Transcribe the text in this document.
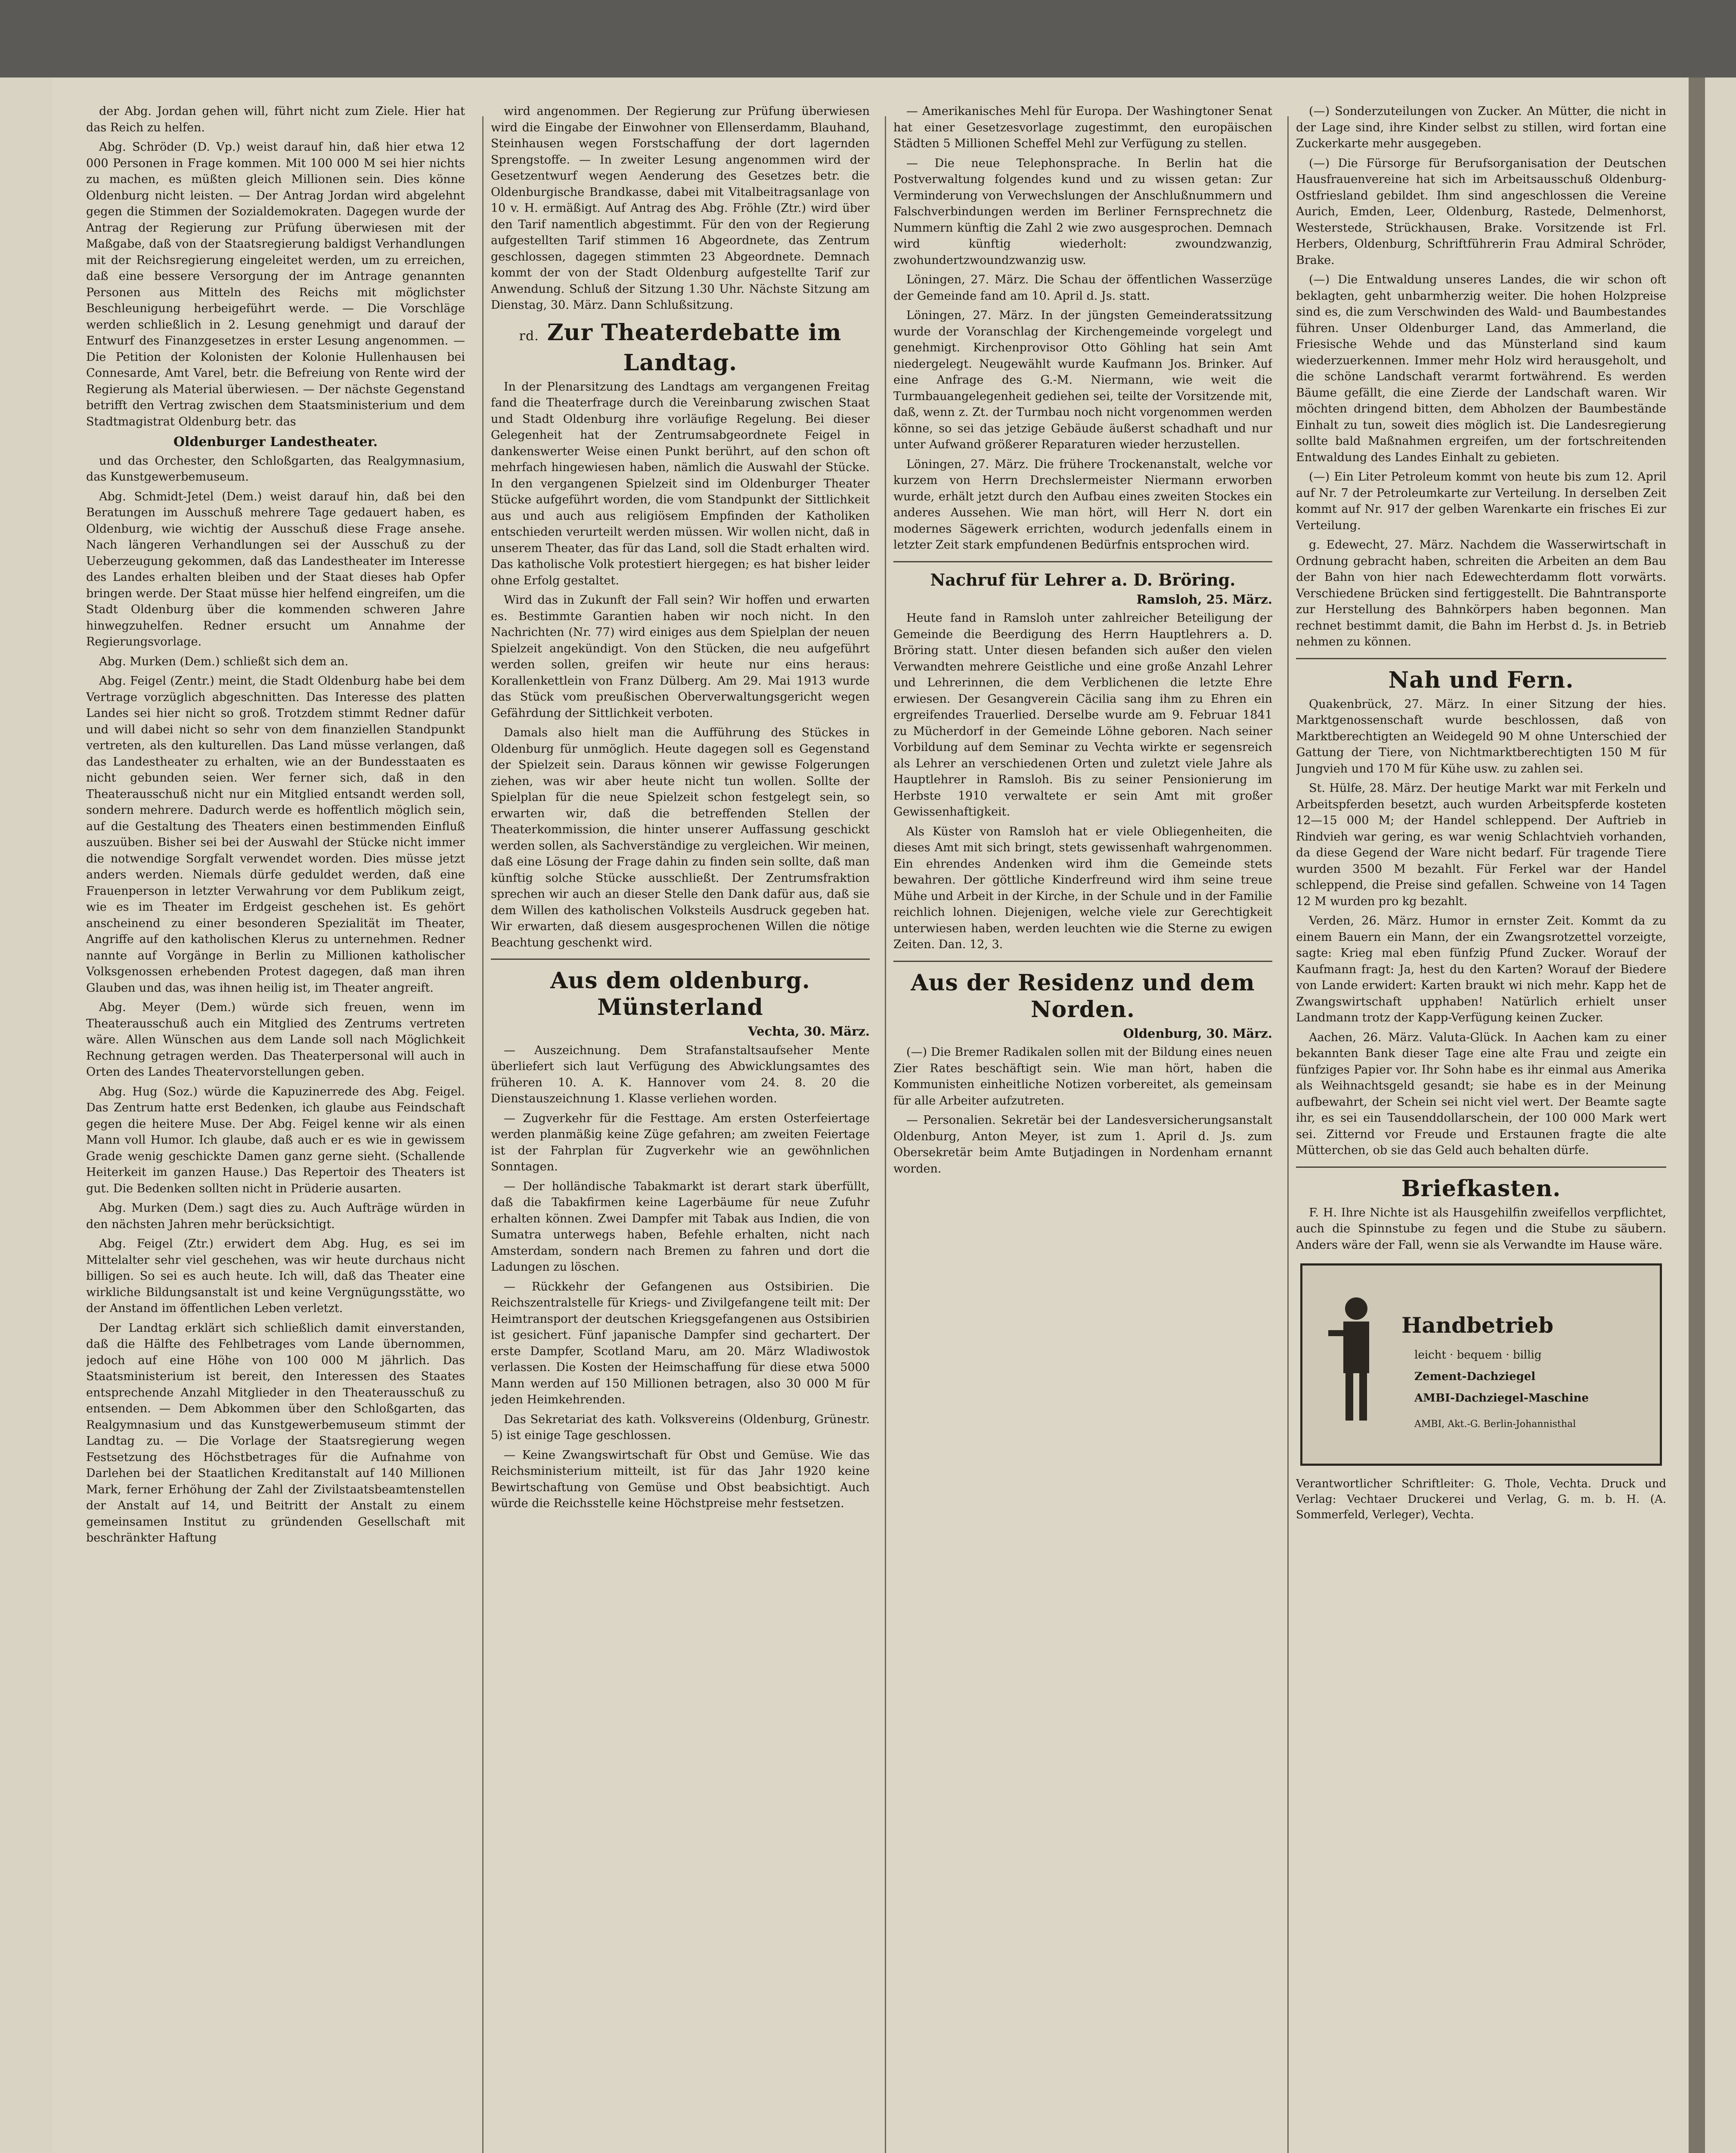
der Abg. Jordan gehen will, führt nicht zum Ziele. Hier hat das Reich zu helfen.

Abg. Schröder (D. Vp.) weist darauf hin, daß hier etwa 12 000 Personen in Frage kommen. Mit 100 000 M sei hier nichts zu machen, es müßten gleich Millionen sein. Dies könne Oldenburg nicht leisten. — Der Antrag Jordan wird abgelehnt gegen die Stimmen der Sozialdemokraten. Dagegen wurde der Antrag der Regierung zur Prüfung überwiesen mit der Maßgabe, daß von der Staatsregierung baldigst Verhandlungen mit der Reichsregierung eingeleitet werden, um zu erreichen, daß eine bessere Versorgung der im Antrage genannten Personen aus Mitteln des Reichs mit möglichster Beschleunigung herbeigeführt werde. — Die Vorschläge werden schließlich in 2. Lesung genehmigt und darauf der Entwurf des Finanzgesetzes in erster Lesung angenommen. — Die Petition der Kolonisten der Kolonie Hullenhausen bei Connesarde, Amt Varel, betr. die Befreiung von Rente wird der Regierung als Material überwiesen. — Der nächste Gegenstand betrifft den Vertrag zwischen dem Staatsministerium und dem Stadtmagistrat Oldenburg betr. das

Oldenburger Landestheater.

und das Orchester, den Schloßgarten, das Realgymnasium, das Kunstgewerbemuseum.

Abg. Schmidt-Jetel (Dem.) weist darauf hin, daß bei den Beratungen im Ausschuß mehrere Tage gedauert haben, es Oldenburg, wie wichtig der Ausschuß diese Frage ansehe. Nach längeren Verhandlungen sei der Ausschuß zu der Ueberzeugung gekommen, daß das Landestheater im Interesse des Landes erhalten bleiben und der Staat dieses hab Opfer bringen werde. Der Staat müsse hier helfend eingreifen, um die Stadt Oldenburg über die kommenden schweren Jahre hinwegzuhelfen. Redner ersucht um Annahme der Regierungsvorlage.

Abg. Murken (Dem.) schließt sich dem an.

Abg. Feigel (Zentr.) meint, die Stadt Oldenburg habe bei dem Vertrage vorzüglich abgeschnitten. Das Interesse des platten Landes sei hier nicht so groß. Trotzdem stimmt Redner dafür und will dabei nicht so sehr von dem finanziellen Standpunkt vertreten, als den kulturellen. Das Land müsse verlangen, daß das Landestheater zu erhalten, wie an der Bundesstaaten es nicht gebunden seien. Wer ferner sich, daß in den Theaterausschuß nicht nur ein Mitglied entsandt werden soll, sondern mehrere. Dadurch werde es hoffentlich möglich sein, auf die Gestaltung des Theaters einen bestimmenden Einfluß auszuüben. Bisher sei bei der Auswahl der Stücke nicht immer die notwendige Sorgfalt verwendet worden. Dies müsse jetzt anders werden. Niemals dürfe geduldet werden, daß eine Frauenperson in letzter Verwahrung vor dem Publikum zeigt, wie es im Theater im Erdgeist geschehen ist. Es gehört anscheinend zu einer besonderen Spezialität im Theater, Angriffe auf den katholischen Klerus zu unternehmen. Redner nannte auf Vorgänge in Berlin zu Millionen katholischer Volksgenossen erhebenden Protest dagegen, daß man ihren Glauben und das, was ihnen heilig ist, im Theater angreift.

Abg. Meyer (Dem.) würde sich freuen, wenn im Theaterausschuß auch ein Mitglied des Zentrums vertreten wäre. Allen Wünschen aus dem Lande soll nach Möglichkeit Rechnung getragen werden. Das Theaterpersonal will auch in Orten des Landes Theatervorstellungen geben.

Abg. Hug (Soz.) würde die Kapuzinerrede des Abg. Feigel. Das Zentrum hatte erst Bedenken, ich glaube aus Feindschaft gegen die heitere Muse. Der Abg. Feigel kenne wir als einen Mann voll Humor. Ich glaube, daß auch er es wie in gewissem Grade wenig geschickte Damen ganz gerne sieht. (Schallende Heiterkeit im ganzen Hause.) Das Repertoir des Theaters ist gut. Die Bedenken sollten nicht in Prüderie ausarten.

Abg. Murken (Dem.) sagt dies zu. Auch Aufträge würden in den nächsten Jahren mehr berücksichtigt.

Abg. Feigel (Ztr.) erwidert dem Abg. Hug, es sei im Mittelalter sehr viel geschehen, was wir heute durchaus nicht billigen. So sei es auch heute. Ich will, daß das Theater eine wirkliche Bildungsanstalt ist und keine Vergnügungsstätte, wo der Anstand im öffentlichen Leben verletzt.

Der Landtag erklärt sich schließlich damit einverstanden, daß die Hälfte des Fehlbetrages vom Lande übernommen, jedoch auf eine Höhe von 100 000 M jährlich. Das Staatsministerium ist bereit, den Interessen des Staates entsprechende Anzahl Mitglieder in den Theaterausschuß zu entsenden. — Dem Abkommen über den Schloßgarten, das Realgymnasium und das Kunstgewerbemuseum stimmt der Landtag zu. — Die Vorlage der Staatsregierung wegen Festsetzung des Höchstbetrages für die Aufnahme von Darlehen bei der Staatlichen Kreditanstalt auf 140 Millionen Mark, ferner Erhöhung der Zahl der Zivilstaatsbeamtenstellen der Anstalt auf 14, und Beitritt der Anstalt zu einem gemeinsamen Institut zu gründenden Gesellschaft mit beschränkter Haftung

wird angenommen. Der Regierung zur Prüfung überwiesen wird die Eingabe der Einwohner von Ellenserdamm, Blauhand, Steinhausen wegen Forstschaffung der dort lagernden Sprengstoffe. — In zweiter Lesung angenommen wird der Gesetzentwurf wegen Aenderung des Gesetzes betr. die Oldenburgische Brandkasse, dabei mit Vitalbeitragsanlage von 10 v. H. ermäßigt. Auf Antrag des Abg. Fröhle (Ztr.) wird über den Tarif namentlich abgestimmt. Für den von der Regierung aufgestellten Tarif stimmen 16 Abgeordnete, das Zentrum geschlossen, dagegen stimmten 23 Abgeordnete. Demnach kommt der von der Stadt Oldenburg aufgestellte Tarif zur Anwendung. Schluß der Sitzung 1.30 Uhr. Nächste Sitzung am Dienstag, 30. März. Dann Schlußsitzung.

rd. Zur Theaterdebatte im Landtag.

In der Plenarsitzung des Landtags am vergangenen Freitag fand die Theaterfrage durch die Vereinbarung zwischen Staat und Stadt Oldenburg ihre vorläufige Regelung. Bei dieser Gelegenheit hat der Zentrumsabgeordnete Feigel in dankenswerter Weise einen Punkt berührt, auf den schon oft mehrfach hingewiesen haben, nämlich die Auswahl der Stücke. In den vergangenen Spielzeit sind im Oldenburger Theater Stücke aufgeführt worden, die vom Standpunkt der Sittlichkeit aus und auch aus religiösem Empfinden der Katholiken entschieden verurteilt werden müssen. Wir wollen nicht, daß in unserem Theater, das für das Land, soll die Stadt erhalten wird. Das katholische Volk protestiert hiergegen; es hat bisher leider ohne Erfolg gestaltet.

Wird das in Zukunft der Fall sein? Wir hoffen und erwarten es. Bestimmte Garantien haben wir noch nicht. In den Nachrichten (Nr. 77) wird einiges aus dem Spielplan der neuen Spielzeit angekündigt. Von den Stücken, die neu aufgeführt werden sollen, greifen wir heute nur eins heraus: Korallenkettlein von Franz Dülberg. Am 29. Mai 1913 wurde das Stück vom preußischen Oberverwaltungsgericht wegen Gefährdung der Sittlichkeit verboten.

Damals also hielt man die Aufführung des Stückes in Oldenburg für unmöglich. Heute dagegen soll es Gegenstand der Spielzeit sein. Daraus können wir gewisse Folgerungen ziehen, was wir aber heute nicht tun wollen. Sollte der Spielplan für die neue Spielzeit schon festgelegt sein, so erwarten wir, daß die betreffenden Stellen der Theaterkommission, die hinter unserer Auffassung geschickt werden sollen, als Sachverständige zu vergleichen. Wir meinen, daß eine Lösung der Frage dahin zu finden sein sollte, daß man künftig solche Stücke ausschließt. Der Zentrumsfraktion sprechen wir auch an dieser Stelle den Dank dafür aus, daß sie dem Willen des katholischen Volksteils Ausdruck gegeben hat. Wir erwarten, daß diesem ausgesprochenen Willen die nötige Beachtung geschenkt wird.

Aus dem oldenburg. Münsterland
Vechta, 30. März.

— Auszeichnung. Dem Strafanstaltsaufseher Mente überliefert sich laut Verfügung des Abwicklungsamtes des früheren 10. A. K. Hannover vom 24. 8. 20 die Dienstauszeichnung 1. Klasse verliehen worden.

— Zugverkehr für die Festtage. Am ersten Osterfeiertage werden planmäßig keine Züge gefahren; am zweiten Feiertage ist der Fahrplan für Zugverkehr wie an gewöhnlichen Sonntagen.

— Der holländische Tabakmarkt ist derart stark überfüllt, daß die Tabakfirmen keine Lagerbäume für neue Zufuhr erhalten können. Zwei Dampfer mit Tabak aus Indien, die von Sumatra unterwegs haben, Befehle erhalten, nicht nach Amsterdam, sondern nach Bremen zu fahren und dort die Ladungen zu löschen.

— Rückkehr der Gefangenen aus Ostsibirien. Die Reichszentralstelle für Kriegs- und Zivilgefangene teilt mit: Der Heimtransport der deutschen Kriegsgefangenen aus Ostsibirien ist gesichert. Fünf japanische Dampfer sind gechartert. Der erste Dampfer, Scotland Maru, am 20. März Wladiwostok verlassen. Die Kosten der Heimschaffung für diese etwa 5000 Mann werden auf 150 Millionen betragen, also 30 000 M für jeden Heimkehrenden.

Das Sekretariat des kath. Volksvereins (Oldenburg, Grünestr. 5) ist einige Tage geschlossen.

— Keine Zwangswirtschaft für Obst und Gemüse. Wie das Reichsministerium mitteilt, ist für das Jahr 1920 keine Bewirtschaftung von Gemüse und Obst beabsichtigt. Auch würde die Reichsstelle keine Höchstpreise mehr festsetzen.

— Amerikanisches Mehl für Europa. Der Washingtoner Senat hat einer Gesetzesvorlage zugestimmt, den europäischen Städten 5 Millionen Scheffel Mehl zur Verfügung zu stellen.

— Die neue Telephonsprache. In Berlin hat die Postverwaltung folgendes kund und zu wissen getan: Zur Verminderung von Verwechslungen der Anschlußnummern und Falschverbindungen werden im Berliner Fernsprechnetz die Nummern künftig die Zahl 2 wie zwo ausgesprochen. Demnach wird künftig wiederholt: zwoundzwanzig, zwohundertzwoundzwanzig usw.

Löningen, 27. März. Die Schau der öffentlichen Wasserzüge der Gemeinde fand am 10. April d. Js. statt.

Löningen, 27. März. In der jüngsten Gemeinderatssitzung wurde der Voranschlag der Kirchengemeinde vorgelegt und genehmigt. Kirchenprovisor Otto Göhling hat sein Amt niedergelegt. Neugewählt wurde Kaufmann Jos. Brinker. Auf eine Anfrage des G.-M. Niermann, wie weit die Turmbauangelegenheit gediehen sei, teilte der Vorsitzende mit, daß, wenn z. Zt. der Turmbau noch nicht vorgenommen werden könne, so sei das jetzige Gebäude äußerst schadhaft und nur unter Aufwand größerer Reparaturen wieder herzustellen.

Löningen, 27. März. Die frühere Trockenanstalt, welche vor kurzem von Herrn Drechslermeister Niermann erworben wurde, erhält jetzt durch den Aufbau eines zweiten Stockes ein anderes Aussehen. Wie man hört, will Herr N. dort ein modernes Sägewerk errichten, wodurch jedenfalls einem in letzter Zeit stark empfundenen Bedürfnis entsprochen wird.

Nachruf für Lehrer a. D. Bröring.
Ramsloh, 25. März.

Heute fand in Ramsloh unter zahlreicher Beteiligung der Gemeinde die Beerdigung des Herrn Hauptlehrers a. D. Bröring statt. Unter diesen befanden sich außer den vielen Verwandten mehrere Geistliche und eine große Anzahl Lehrer und Lehrerinnen, die dem Verblichenen die letzte Ehre erwiesen. Der Gesangverein Cäcilia sang ihm zu Ehren ein ergreifendes Trauerlied. Derselbe wurde am 9. Februar 1841 zu Mücherdorf in der Gemeinde Löhne geboren. Nach seiner Vorbildung auf dem Seminar zu Vechta wirkte er segensreich als Lehrer an verschiedenen Orten und zuletzt viele Jahre als Hauptlehrer in Ramsloh. Bis zu seiner Pensionierung im Herbste 1910 verwaltete er sein Amt mit großer Gewissenhaftigkeit.

Als Küster von Ramsloh hat er viele Obliegenheiten, die dieses Amt mit sich bringt, stets gewissenhaft wahrgenommen. Ein ehrendes Andenken wird ihm die Gemeinde stets bewahren. Der göttliche Kinderfreund wird ihm seine treue Mühe und Arbeit in der Kirche, in der Schule und in der Familie reichlich lohnen. Diejenigen, welche viele zur Gerechtigkeit unterwiesen haben, werden leuchten wie die Sterne zu ewigen Zeiten. Dan. 12, 3.

Aus der Residenz und dem Norden.
Oldenburg, 30. März.

(—) Die Bremer Radikalen sollen mit der Bildung eines neuen Zier Rates beschäftigt sein. Wie man hört, haben die Kommunisten einheitliche Notizen vorbereitet, als gemeinsam für alle Arbeiter aufzutreten.

— Personalien. Sekretär bei der Landesversicherungsanstalt Oldenburg, Anton Meyer, ist zum 1. April d. Js. zum Obersekretär beim Amte Butjadingen in Nordenham ernannt worden.

(—) Sonderzuteilungen von Zucker. An Mütter, die nicht in der Lage sind, ihre Kinder selbst zu stillen, wird fortan eine Zuckerkarte mehr ausgegeben.

(—) Die Fürsorge für Berufsorganisation der Deutschen Hausfrauenvereine hat sich im Arbeitsausschuß Oldenburg-Ostfriesland gebildet. Ihm sind angeschlossen die Vereine Aurich, Emden, Leer, Oldenburg, Rastede, Delmenhorst, Westerstede, Strückhausen, Brake. Vorsitzende ist Frl. Herbers, Oldenburg, Schriftführerin Frau Admiral Schröder, Brake.

(—) Die Entwaldung unseres Landes, die wir schon oft beklagten, geht unbarmherzig weiter. Die hohen Holzpreise sind es, die zum Verschwinden des Wald- und Baumbestandes führen. Unser Oldenburger Land, das Ammerland, die Friesische Wehde und das Münsterland sind kaum wiederzuerkennen. Immer mehr Holz wird herausgeholt, und die schöne Landschaft verarmt fortwährend. Es werden Bäume gefällt, die eine Zierde der Landschaft waren. Wir möchten dringend bitten, dem Abholzen der Baumbestände Einhalt zu tun, soweit dies möglich ist. Die Landesregierung sollte bald Maßnahmen ergreifen, um der fortschreitenden Entwaldung des Landes Einhalt zu gebieten.

(—) Ein Liter Petroleum kommt von heute bis zum 12. April auf Nr. 7 der Petroleumkarte zur Verteilung. In derselben Zeit kommt auf Nr. 917 der gelben Warenkarte ein frisches Ei zur Verteilung.

g. Edewecht, 27. März. Nachdem die Wasserwirtschaft in Ordnung gebracht haben, schreiten die Arbeiten an dem Bau der Bahn von hier nach Edewechterdamm flott vorwärts. Verschiedene Brücken sind fertiggestellt. Die Bahntransporte zur Herstellung des Bahnkörpers haben begonnen. Man rechnet bestimmt damit, die Bahn im Herbst d. Js. in Betrieb nehmen zu können.

Nah und Fern.

Quakenbrück, 27. März. In einer Sitzung der hies. Marktgenossenschaft wurde beschlossen, daß von Marktberechtigten an Weidegeld 90 M ohne Unterschied der Gattung der Tiere, von Nichtmarktberechtigten 150 M für Jungvieh und 170 M für Kühe usw. zu zahlen sei.

St. Hülfe, 28. März. Der heutige Markt war mit Ferkeln und Arbeitspferden besetzt, auch wurden Arbeitspferde kosteten 12—15 000 M; der Handel schleppend. Der Auftrieb in Rindvieh war gering, es war wenig Schlachtvieh vorhanden, da diese Gegend der Ware nicht bedarf. Für tragende Tiere wurden 3500 M bezahlt. Für Ferkel war der Handel schleppend, die Preise sind gefallen. Schweine von 14 Tagen 12 M wurden pro kg bezahlt.

Verden, 26. März. Humor in ernster Zeit. Kommt da zu einem Bauern ein Mann, der ein Zwangsrotzettel vorzeigte, sagte: Krieg mal eben fünfzig Pfund Zucker. Worauf der Kaufmann fragt: Ja, hest du den Karten? Worauf der Biedere von Lande erwidert: Karten braukt wi nich mehr. Kapp het de Zwangswirtschaft upphaben! Natürlich erhielt unser Landmann trotz der Kapp-Verfügung keinen Zucker.

Aachen, 26. März. Valuta-Glück. In Aachen kam zu einer bekannten Bank dieser Tage eine alte Frau und zeigte ein fünfziges Papier vor. Ihr Sohn habe es ihr einmal aus Amerika als Weihnachtsgeld gesandt; sie habe es in der Meinung aufbewahrt, der Schein sei nicht viel wert. Der Beamte sagte ihr, es sei ein Tausenddollarschein, der 100 000 Mark wert sei. Zitternd vor Freude und Erstaunen fragte die alte Mütterchen, ob sie das Geld auch behalten dürfe.

Briefkasten.

F. H. Ihre Nichte ist als Hausgehilfin zweifellos verpflichtet, auch die Spinnstube zu fegen und die Stube zu säubern. Anders wäre der Fall, wenn sie als Verwandte im Hause wäre.

Handbetrieb
leicht · bequem · billig
Zement-Dachziegel
AMBI-Dachziegel-Maschine
AMBI, Akt.-G. Berlin-Johannisthal
Verantwortlicher Schriftleiter: G. Thole, Vechta. Druck und Verlag: Vechtaer Druckerei und Verlag, G. m. b. H. (A. Sommerfeld, Verleger), Vechta.
